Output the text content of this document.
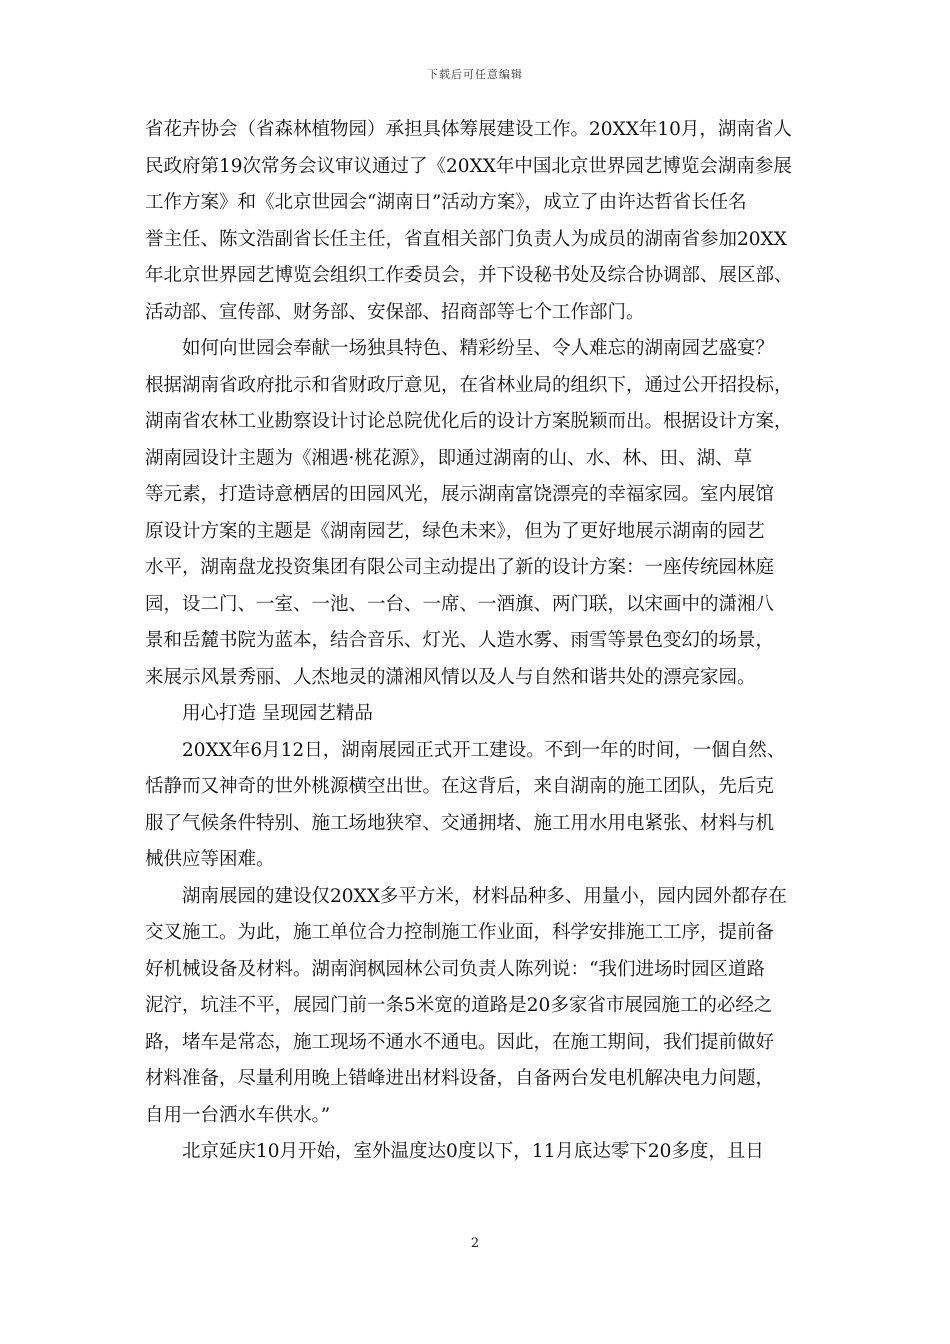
下载后可任意编辑

省花卉协会（省森林植物园）承担具体筹展建设工作。20XX年10月，湖南省人
民政府第19次常务会议审议通过了《20XX年中国北京世界园艺博览会湖南参展
工作方案》和《北京世园会“湖南日”活动方案》，成立了由许达哲省长任名
誉主任、陈文浩副省长任主任，省直相关部门负责人为成员的湖南省参加20XX
年北京世界园艺博览会组织工作委员会，并下设秘书处及综合协调部、展区部、
活动部、宣传部、财务部、安保部、招商部等七个工作部门。

如何向世园会奉献一场独具特色、精彩纷呈、令人难忘的湖南园艺盛宴？
根据湖南省政府批示和省财政厅意见，在省林业局的组织下，通过公开招投标，
湖南省农林工业勘察设计讨论总院优化后的设计方案脱颖而出。根据设计方案，
湖南园设计主题为《湘遇·桃花源》，即通过湖南的山、水、林、田、湖、草
等元素，打造诗意栖居的田园风光，展示湖南富饶漂亮的幸福家园。室内展馆
原设计方案的主题是《湖南园艺，绿色未来》，但为了更好地展示湖南的园艺
水平，湖南盘龙投资集团有限公司主动提出了新的设计方案：一座传统园林庭
园，设二门、一室、一池、一台、一席、一酒旗、两门联，以宋画中的潇湘八
景和岳麓书院为蓝本，结合音乐、灯光、人造水雾、雨雪等景色变幻的场景，
来展示风景秀丽、人杰地灵的潇湘风情以及人与自然和谐共处的漂亮家园。

用心打造 呈现园艺精品

20XX年6月12日，湖南展园正式开工建设。不到一年的时间，一個自然、
恬静而又神奇的世外桃源横空出世。在这背后，来自湖南的施工团队，先后克
服了气候条件特别、施工场地狭窄、交通拥堵、施工用水用电紧张、材料与机
械供应等困难。

湖南展园的建设仅20XX多平方米，材料品种多、用量小，园内园外都存在
交叉施工。为此，施工单位合力控制施工作业面，科学安排施工工序，提前备
好机械设备及材料。湖南润枫园林公司负责人陈列说：“我们进场时园区道路
泥泞，坑洼不平，展园门前一条5米宽的道路是20多家省市展园施工的必经之
路，堵车是常态，施工现场不通水不通电。因此，在施工期间，我们提前做好
材料准备，尽量利用晚上错峰进出材料设备，自备两台发电机解决电力问题，
自用一台洒水车供水。”

北京延庆10月开始，室外温度达0度以下，11月底达零下20多度，且日

2
